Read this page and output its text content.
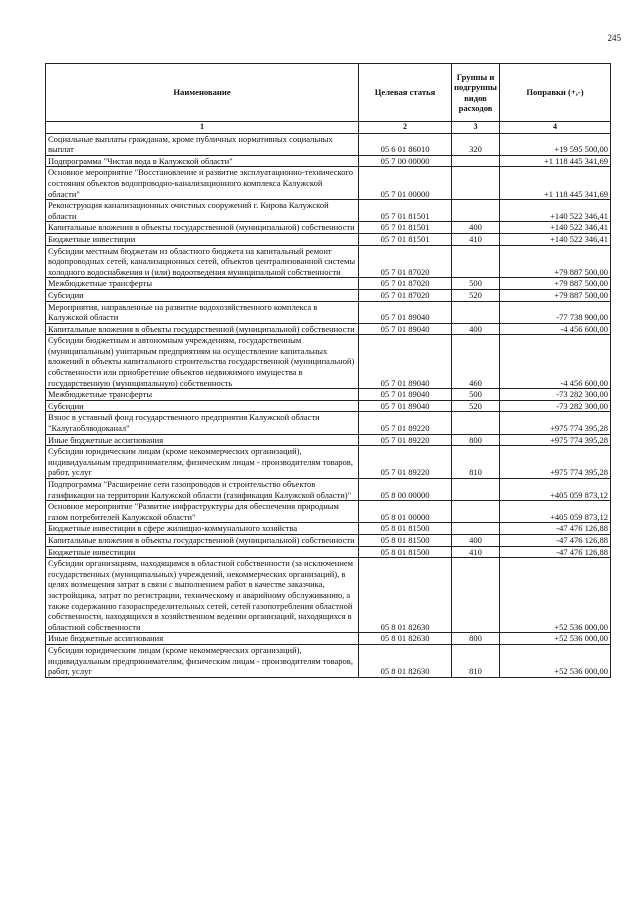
245
Наименование	Целевая статья	Группы и подгруппы видов расходов	Поправки (+,-)
1	2	3	4
Социальные выплаты гражданам, кроме публичных нормативных социальных выплат	05 6 01 86010	320	+19 595 500,00
Подпрограмма "Чистая вода в Калужской области"	05 7 00 00000		+1 118 445 341,69
Основное мероприятие "Восстановление и развитие эксплуатационно-технического состояния объектов водопроводно-канализационного комплекса Калужской области"	05 7 01 00000		+1 118 445 341,69
Реконструкция канализационных очистных сооружений г. Кирова Калужской области	05 7 01 81501		+140 522 346,41
Капитальные вложения в объекты государственной (муниципальной) собственности	05 7 01 81501	400	+140 522 346,41
Бюджетные инвестиции	05 7 01 81501	410	+140 522 346,41
Субсидии местным бюджетам из областного бюджета на капитальный ремонт водопроводных сетей, канализационных сетей, объектов централизованной системы холодного водоснабжения и (или) водоотведения муниципальной собственности	05 7 01 87020		+79 887 500,00
Межбюджетные трансферты	05 7 01 87020	500	+79 887 500,00
Субсидии	05 7 01 87020	520	+79 887 500,00
Мероприятия, направленные на развитие водохозяйственного комплекса в Калужской области	05 7 01 89040		-77 738 900,00
Капитальные вложения в объекты государственной (муниципальной) собственности	05 7 01 89040	400	-4 456 600,00
Субсидии бюджетным и автономным учреждениям, государственным (муниципальным) унитарным предприятиям на осуществление капитальных вложений в объекты капитального строительства государственной (муниципальной) собственности или приобретение объектов недвижимого имущества в государственную (муниципальную) собственность	05 7 01 89040	460	-4 456 600,00
Межбюджетные трансферты	05 7 01 89040	500	-73 282 300,00
Субсидии	05 7 01 89040	520	-73 282 300,00
Взнос в уставный фонд государственного предприятия Калужской области "Калугаоблводоканал"	05 7 01 89220		+975 774 395,28
Иные бюджетные ассигнования	05 7 01 89220	800	+975 774 395,28
Субсидии юридическим лицам (кроме некоммерческих организаций), индивидуальным предпринимателям, физическим лицам - производителям товаров, работ, услуг	05 7 01 89220	810	+975 774 395,28
Подпрограмма "Расширение сети газопроводов и строительство объектов газификации на территории Калужской области (газификация Калужской области)"	05 8 00 00000		+405 059 873,12
Основное мероприятие "Развитие инфраструктуры для обеспечения природным газом потребителей Калужской области"	05 8 01 00000		+405 059 873,12
Бюджетные инвестиции в сфере жилищно-коммунального хозяйства	05 8 01 81500		-47 476 126,88
Капитальные вложения в объекты государственной (муниципальной) собственности	05 8 01 81500	400	-47 476 126,88
Бюджетные инвестиции	05 8 01 81500	410	-47 476 126,88
Субсидии организациям, находящимся в областной собственности (за исключением государственных (муниципальных) учреждений, некоммерческих организаций), в целях возмещения затрат в связи с выполнением работ в качестве заказчика, застройщика, затрат по регистрации, техническому и аварийному обслуживанию, а также содержанию газораспределительных сетей, сетей газопотребления областной собственности, находящихся в хозяйственном ведении организаций, находящихся в областной собственности	05 8 01 82630		+52 536 000,00
Иные бюджетные ассигнования	05 8 01 82630	800	+52 536 000,00
Субсидии юридическим лицам (кроме некоммерческих организаций), индивидуальным предпринимателям, физическим лицам - производителям товаров, работ, услуг	05 8 01 82630	810	+52 536 000,00
